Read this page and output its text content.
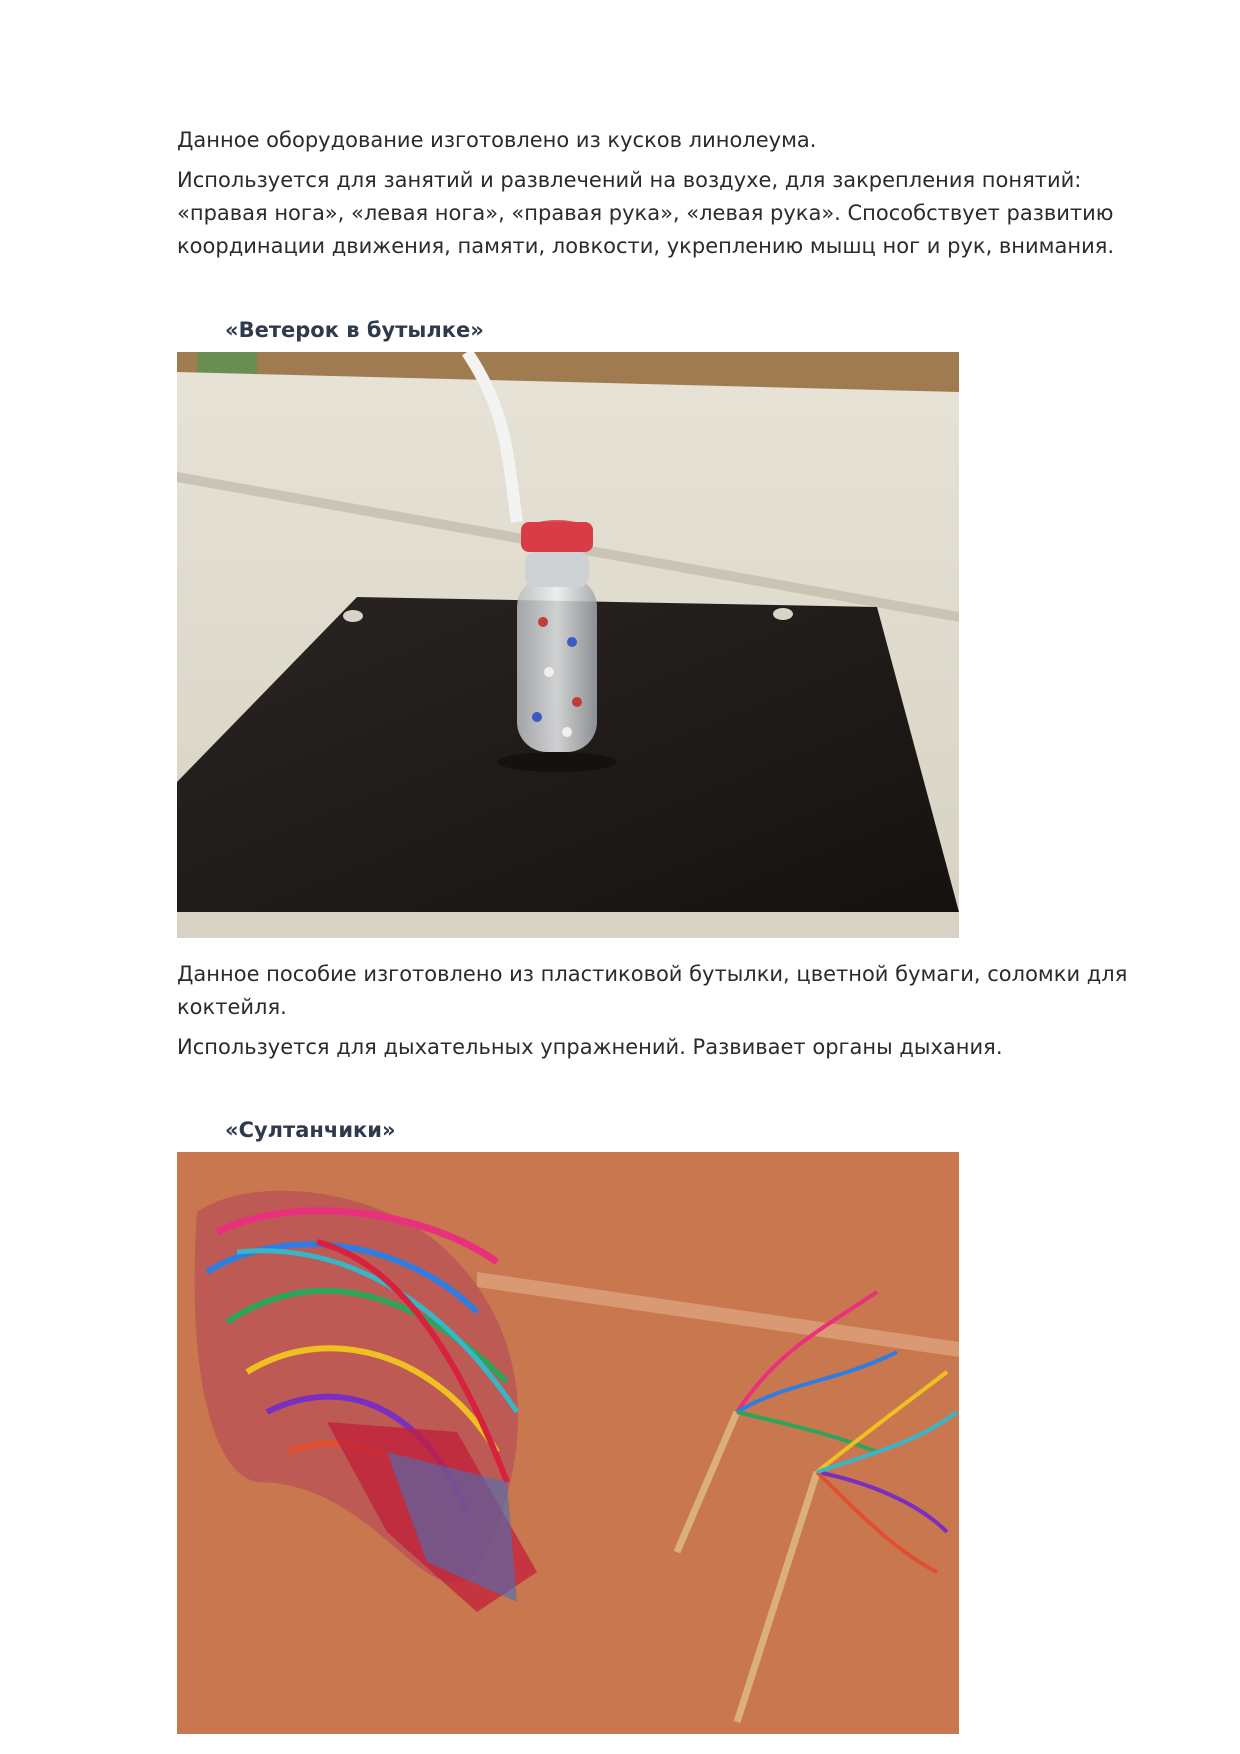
Данное оборудование изготовлено из кусков линолеума.

Используется для занятий и развлечений на воздухе, для закрепления понятий: «правая нога», «левая нога», «правая рука», «левая рука». Способствует развитию координации движения, памяти, ловкости, укреплению мышц ног и рук, внимания.

«Ветерок в бутылке»

Данное пособие изготовлено из пластиковой бутылки, цветной бумаги, соломки для коктейля.

Используется для дыхательных упражнений. Развивает органы дыхания.

«Султанчики»
